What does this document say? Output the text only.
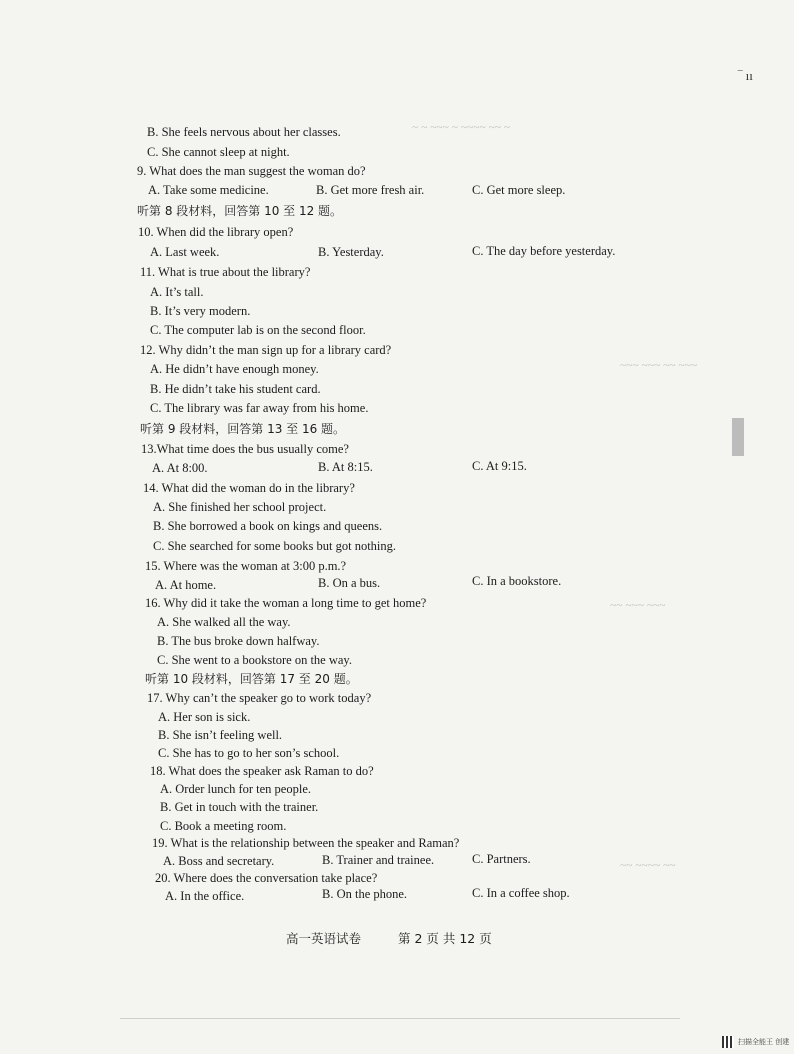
‾ ıı
~ ~ ~~~ ~ ~~~~ ~~ ~
~~~ ~~~ ~~ ~~~
~~ ~~~ ~~~
~~ ~~~~ ~~
B. She feels nervous about her classes.
C. She cannot sleep at night.
9. What does the man suggest the woman do?
A. Take some medicine.	B. Get more fresh air.	C. Get more sleep.
听第 8 段材料，回答第 10 至 12 题。
10. When did the library open?
A. Last week.	B. Yesterday.	C. The day before yesterday.
11. What is true about the library?
A. It’s tall.
B. It’s very modern.
C. The computer lab is on the second floor.
12. Why didn’t the man sign up for a library card?
A. He didn’t have enough money.
B. He didn’t take his student card.
C. The library was far away from his home.
听第 9 段材料，回答第 13 至 16 题。
13.What time does the bus usually come?
A. At 8:00.	B. At 8:15.	C. At 9:15.
14. What did the woman do in the library?
A. She finished her school project.
B. She borrowed a book on kings and queens.
C. She searched for some books but got nothing.
15. Where was the woman at 3:00 p.m.?
A. At home.	B. On a bus.	C. In a bookstore.
16. Why did it take the woman a long time to get home?
A. She walked all the way.
B. The bus broke down halfway.
C. She went to a bookstore on the way.
听第 10 段材料，回答第 17 至 20 题。
17. Why can’t the speaker go to work today?
A. Her son is sick.
B. She isn’t feeling well.
C. She has to go to her son’s school.
18. What does the speaker ask Raman to do?
A. Order lunch for ten people.
B. Get in touch with the trainer.
C. Book a meeting room.
19. What is the relationship between the speaker and Raman?
A. Boss and secretary.	B. Trainer and trainee.	C. Partners.
20. Where does the conversation take place?
A. In the office.	B. On the phone.	C. In a coffee shop.
高一英语试卷	第 2 页 共 12 页
扫描全能王 创建
